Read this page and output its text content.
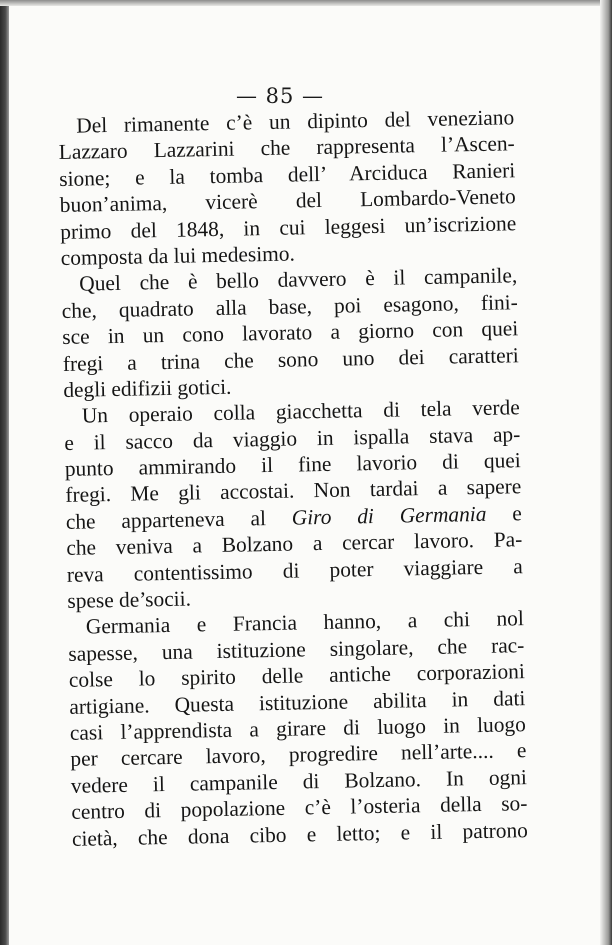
— 85 —
Del rimanente c’è un dipinto del veneziano
Lazzaro Lazzarini che rappresenta l’Ascen-
sione; e la tomba dell’ Arciduca Ranieri
buon’anima, vicerè del Lombardo-Veneto
primo del 1848, in cui leggesi un’iscrizione
composta da lui medesimo.
Quel che è bello davvero è il campanile,
che, quadrato alla base, poi esagono, fini-
sce in un cono lavorato a giorno con quei
fregi a trina che sono uno dei caratteri
degli edifizii gotici.
Un operaio colla giacchetta di tela verde
e il sacco da viaggio in ispalla stava ap-
punto ammirando il fine lavorio di quei
fregi. Me gli accostai. Non tardai a sapere
che apparteneva al Giro di Germania e
che veniva a Bolzano a cercar lavoro. Pa-
reva contentissimo di poter viaggiare a
spese de’socii.
Germania e Francia hanno, a chi nol
sapesse, una istituzione singolare, che rac-
colse lo spirito delle antiche corporazioni
artigiane. Questa istituzione abilita in dati
casi l’apprendista a girare di luogo in luogo
per cercare lavoro, progredire nell’arte.... e
vedere il campanile di Bolzano. In ogni
centro di popolazione c’è l’osteria della so-
cietà, che dona cibo e letto; e il patrono
